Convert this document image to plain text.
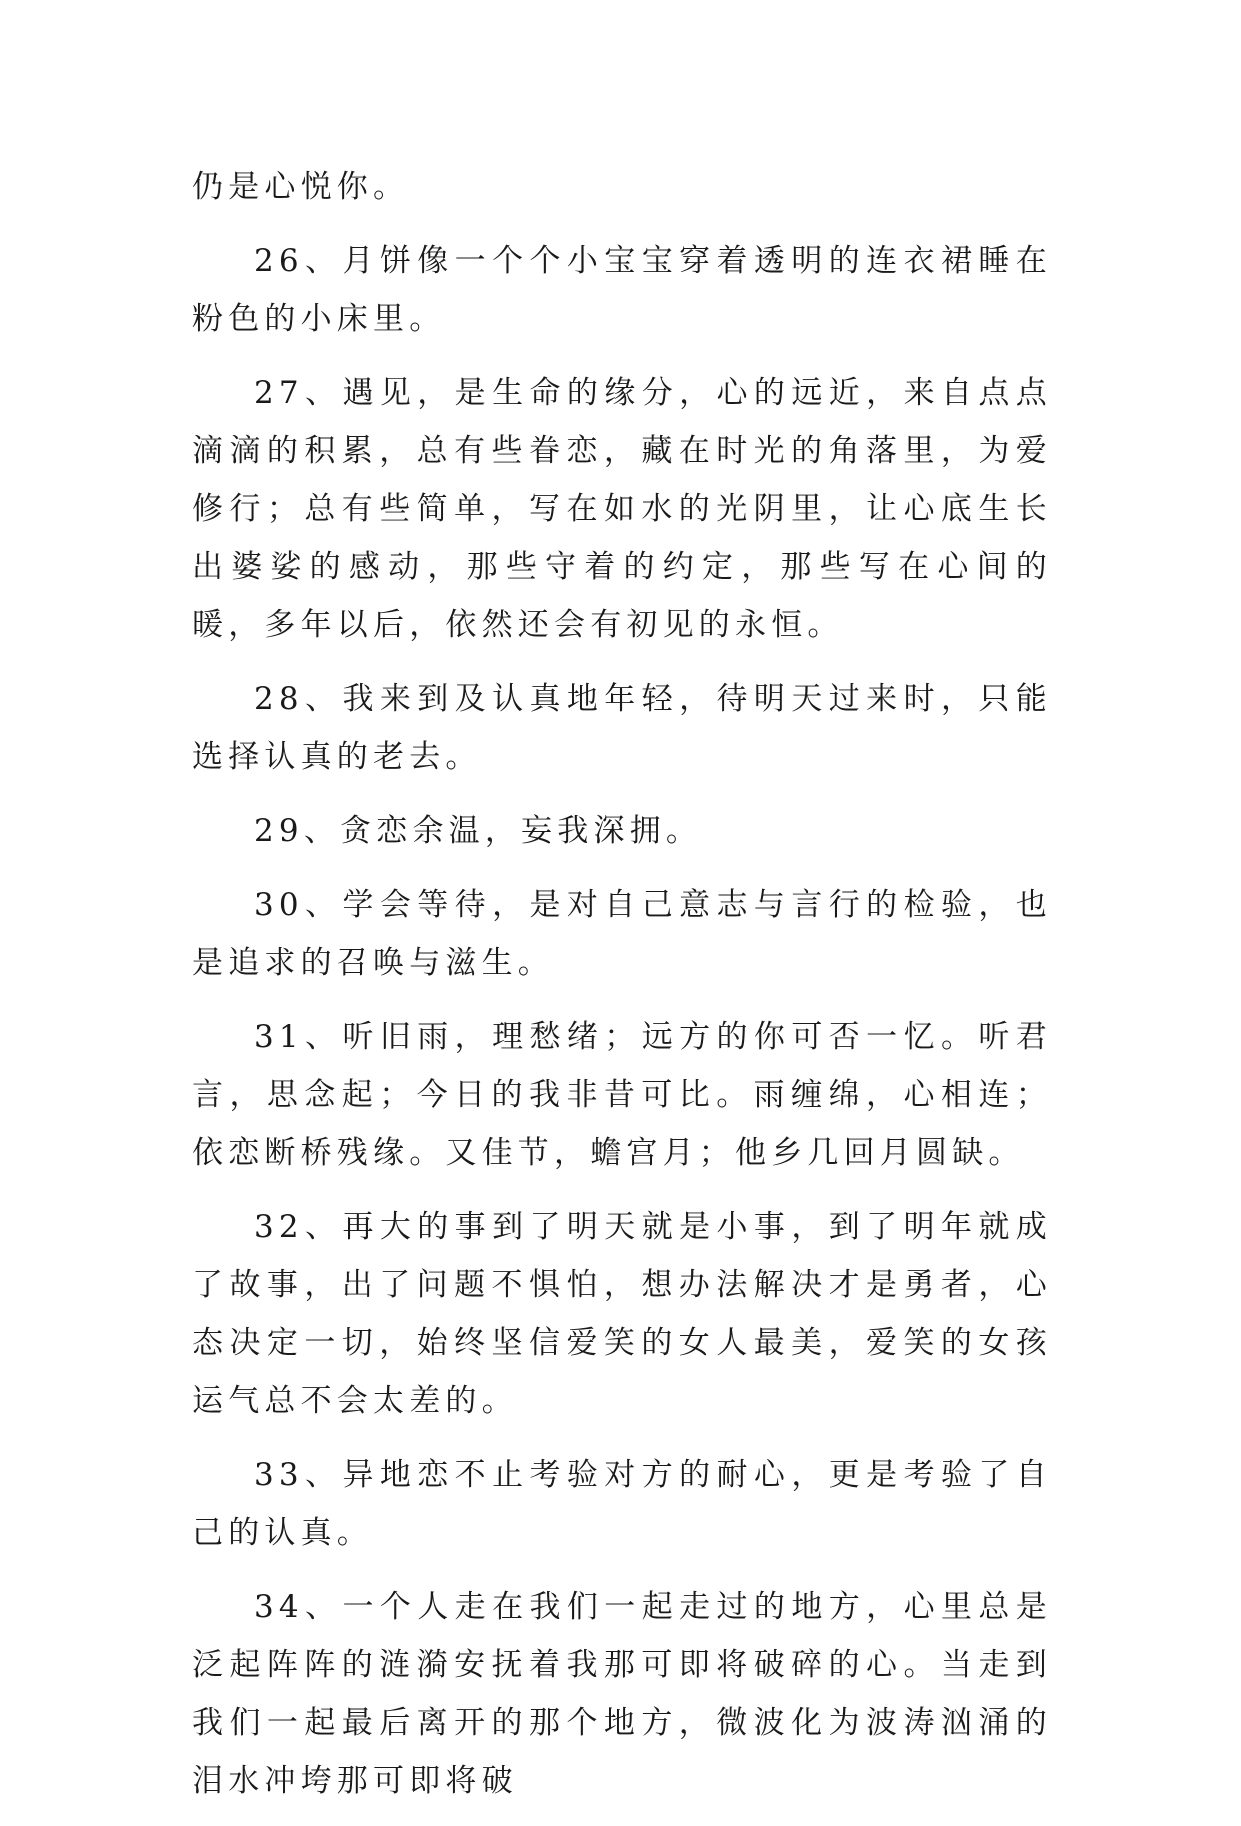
仍是心悦你。

26、月饼像一个个小宝宝穿着透明的连衣裙睡在粉色的小床里。

27、遇见，是生命的缘分，心的远近，来自点点滴滴的积累，总有些眷恋，藏在时光的角落里，为爱修行；总有些简单，写在如水的光阴里，让心底生长出婆娑的感动，那些守着的约定，那些写在心间的暖，多年以后，依然还会有初见的永恒。

28、我来到及认真地年轻，待明天过来时，只能选择认真的老去。

29、贪恋余温，妄我深拥。

30、学会等待，是对自己意志与言行的检验，也是追求的召唤与滋生。

31、听旧雨，理愁绪；远方的你可否一忆。听君言，思念起；今日的我非昔可比。雨缠绵，心相连；依恋断桥残缘。又佳节，蟾宫月；他乡几回月圆缺。

32、再大的事到了明天就是小事，到了明年就成了故事，出了问题不惧怕，想办法解决才是勇者，心态决定一切，始终坚信爱笑的女人最美，爱笑的女孩运气总不会太差的。

33、异地恋不止考验对方的耐心，更是考验了自己的认真。

34、一个人走在我们一起走过的地方，心里总是泛起阵阵的涟漪安抚着我那可即将破碎的心。当走到我们一起最后离开的那个地方，微波化为波涛汹涌的泪水冲垮那可即将破
